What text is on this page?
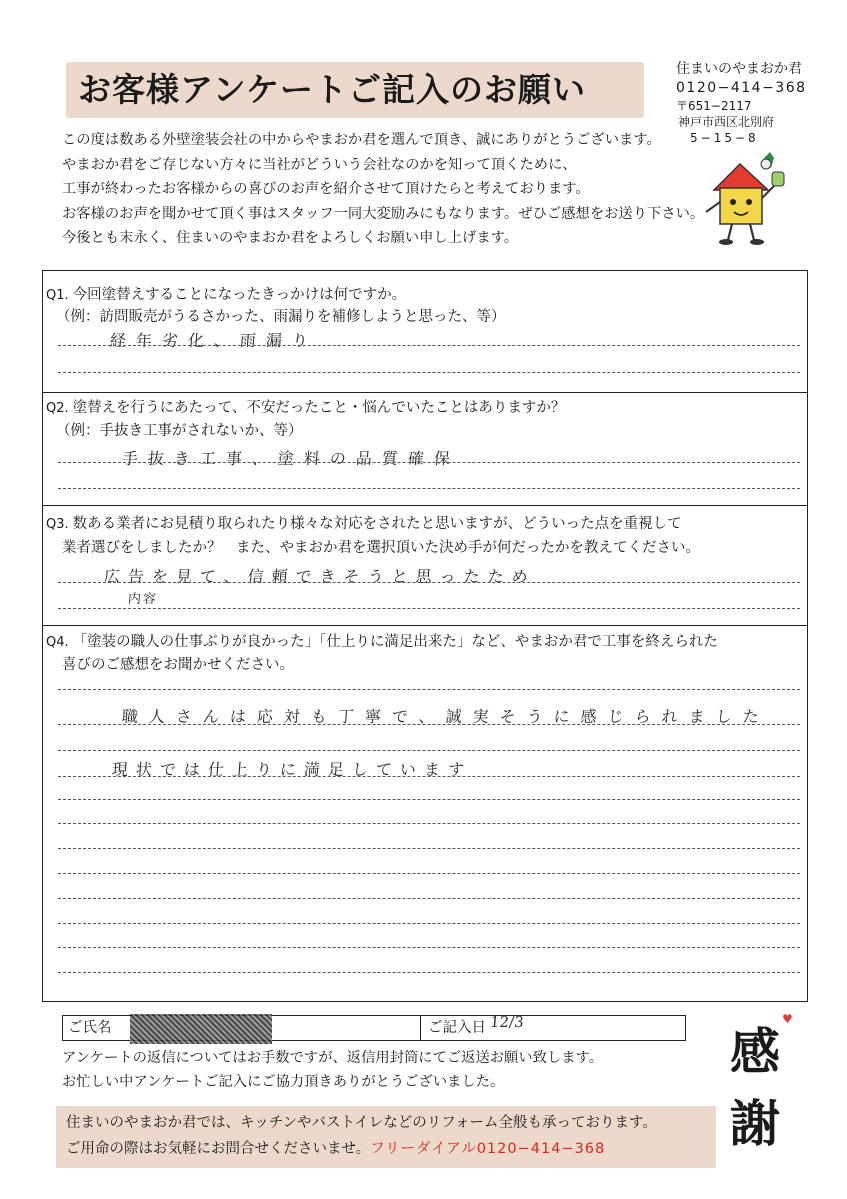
お客様アンケートご記入のお願い
住まいのやまおか君
0120−414−368
〒651−2117
神戸市西区北別府
5−15−8
この度は数ある外壁塗装会社の中からやまおか君を選んで頂き、誠にありがとうございます。
やまおか君をご存じない方々に当社がどういう会社なのかを知って頂くために、
工事が終わったお客様からの喜びのお声を紹介させて頂けたらと考えております。
お客様のお声を聞かせて頂く事はスタッフ一同大変励みにもなります。ぜひご感想をお送り下さい。
今後とも末永く、住まいのやまおか君をよろしくお願い申し上げます。
Q1. 今回塗替えすることになったきっかけは何ですか。
（例：訪問販売がうるさかった、雨漏りを補修しようと思った、等）
経年劣化、雨漏り
Q2. 塗替えを行うにあたって、不安だったこと・悩んでいたことはありますか？
（例：手抜き工事がされないか、等）
手抜き工事、塗料の品質確保
Q3. 数ある業者にお見積り取られたり様々な対応をされたと思いますが、どういった点を重視して
業者選びをしましたか？　また、やまおか君を選択頂いた決め手が何だったかを教えてください。
広告を見て、信頼できそうと思ったため
内容
Q4. 「塗装の職人の仕事ぶりが良かった」「仕上りに満足出来た」など、やまおか君で工事を終えられた
喜びのご感想をお聞かせください。
職人さんは応対も丁寧で、誠実そうに感じられました
現状では仕上りに満足しています
ご氏名	ご記入日 12/3
アンケートの返信についてはお手数ですが、返信用封筒にてご返送お願い致します。
お忙しい中アンケートご記入にご協力頂きありがとうございました。
感
♥
謝
住まいのやまおか君では、キッチンやバストイレなどのリフォーム全般も承っております。
ご用命の際はお気軽にお問合せくださいませ。フリーダイアル0120−414−368
